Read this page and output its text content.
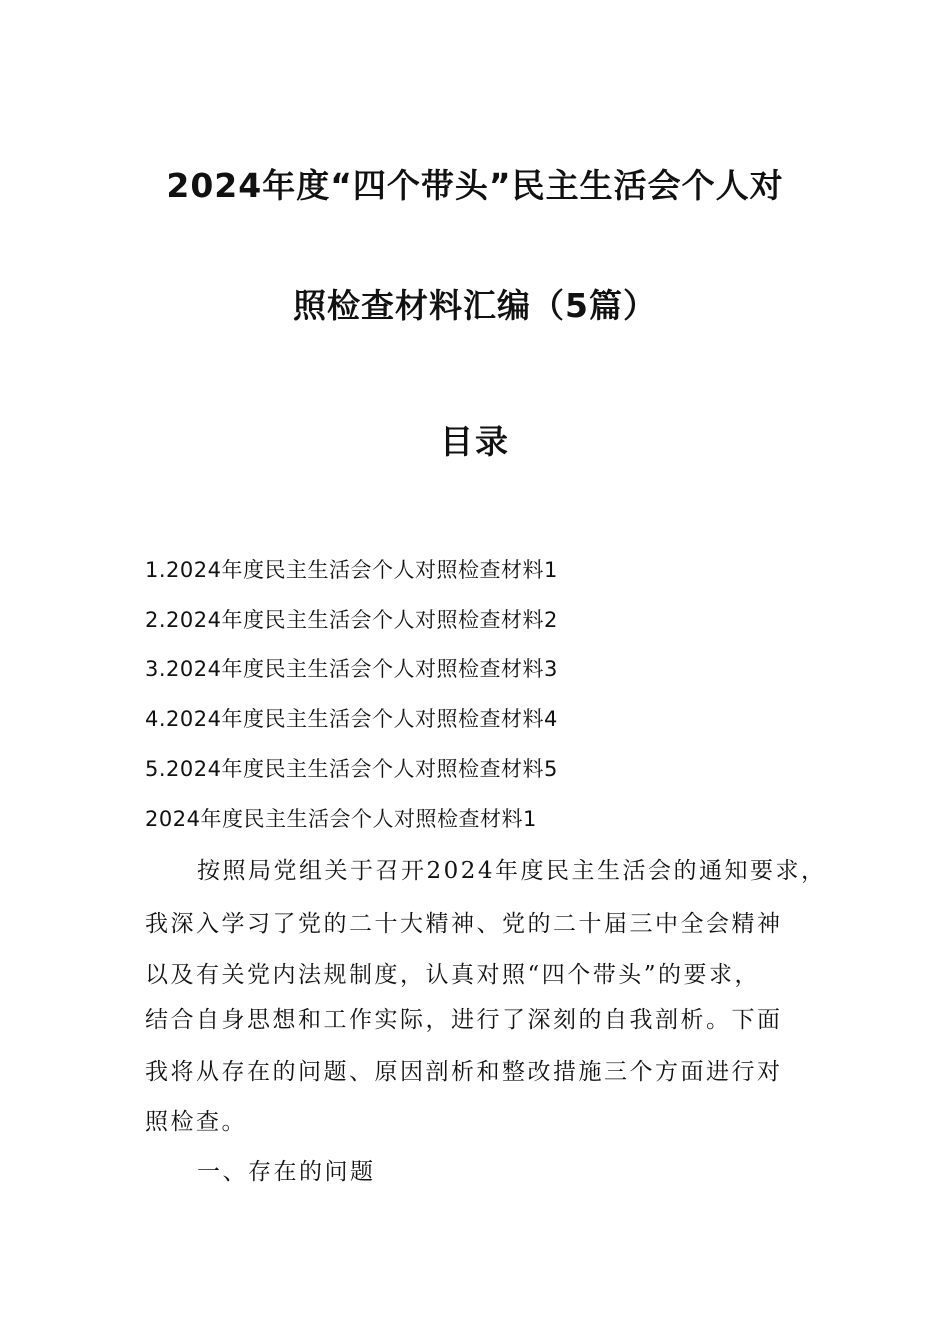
2024年度“四个带头”民主生活会个人对
照检查材料汇编（5篇）
目录
1.2024年度民主生活会个人对照检查材料1
2.2024年度民主生活会个人对照检查材料2
3.2024年度民主生活会个人对照检查材料3
4.2024年度民主生活会个人对照检查材料4
5.2024年度民主生活会个人对照检查材料5
2024年度民主生活会个人对照检查材料1
按照局党组关于召开2024年度民主生活会的通知要求，
我深入学习了党的二十大精神、党的二十届三中全会精神
以及有关党内法规制度，认真对照“四个带头”的要求，
结合自身思想和工作实际，进行了深刻的自我剖析。下面
我将从存在的问题、原因剖析和整改措施三个方面进行对
照检查。
一、存在的问题
